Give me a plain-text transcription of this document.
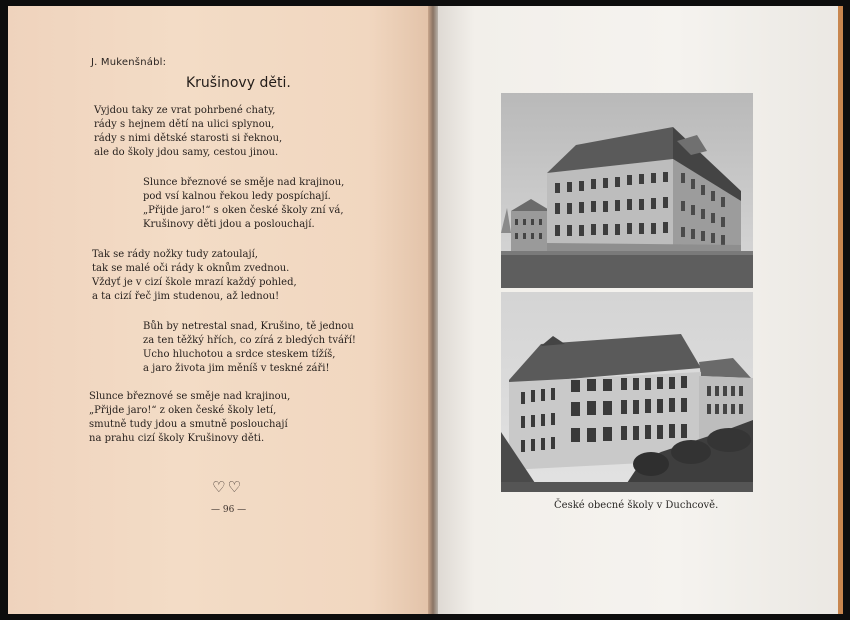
J. Mukenšnábl:
Krušinovy děti.
Vyjdou taky ze vrat pohrbené chaty,
rády s hejnem dětí na ulici splynou,
rády s nimi dětské starosti si řeknou,
ale do školy jdou samy, cestou jinou.
Slunce březnové se směje nad krajinou,
pod vsí kalnou řekou ledy pospíchají.
„Přijde jaro!“ s oken české školy zní vá,
Krušinovy děti jdou a poslouchají.
Tak se rády nožky tudy zatoulají,
tak se malé oči rády k oknům zvednou.
Vždyť je v cizí škole mrazí každý pohled,
a ta cizí řeč jim studenou, až lednou!
Bůh by netrestal snad, Krušino, tě jednou
za ten těžký hřích, co zírá z bledých tváří!
Ucho hluchotou a srdce steskem tížíš,
a jaro života jim měníš v teskné záři!
Slunce březnové se směje nad krajinou,
„Přijde jaro!“ z oken české školy letí,
smutně tudy jdou a smutně poslouchají
na prahu cizí školy Krušinovy děti.
♡♡
— 96 —	České obecné školy v Duchcově.
